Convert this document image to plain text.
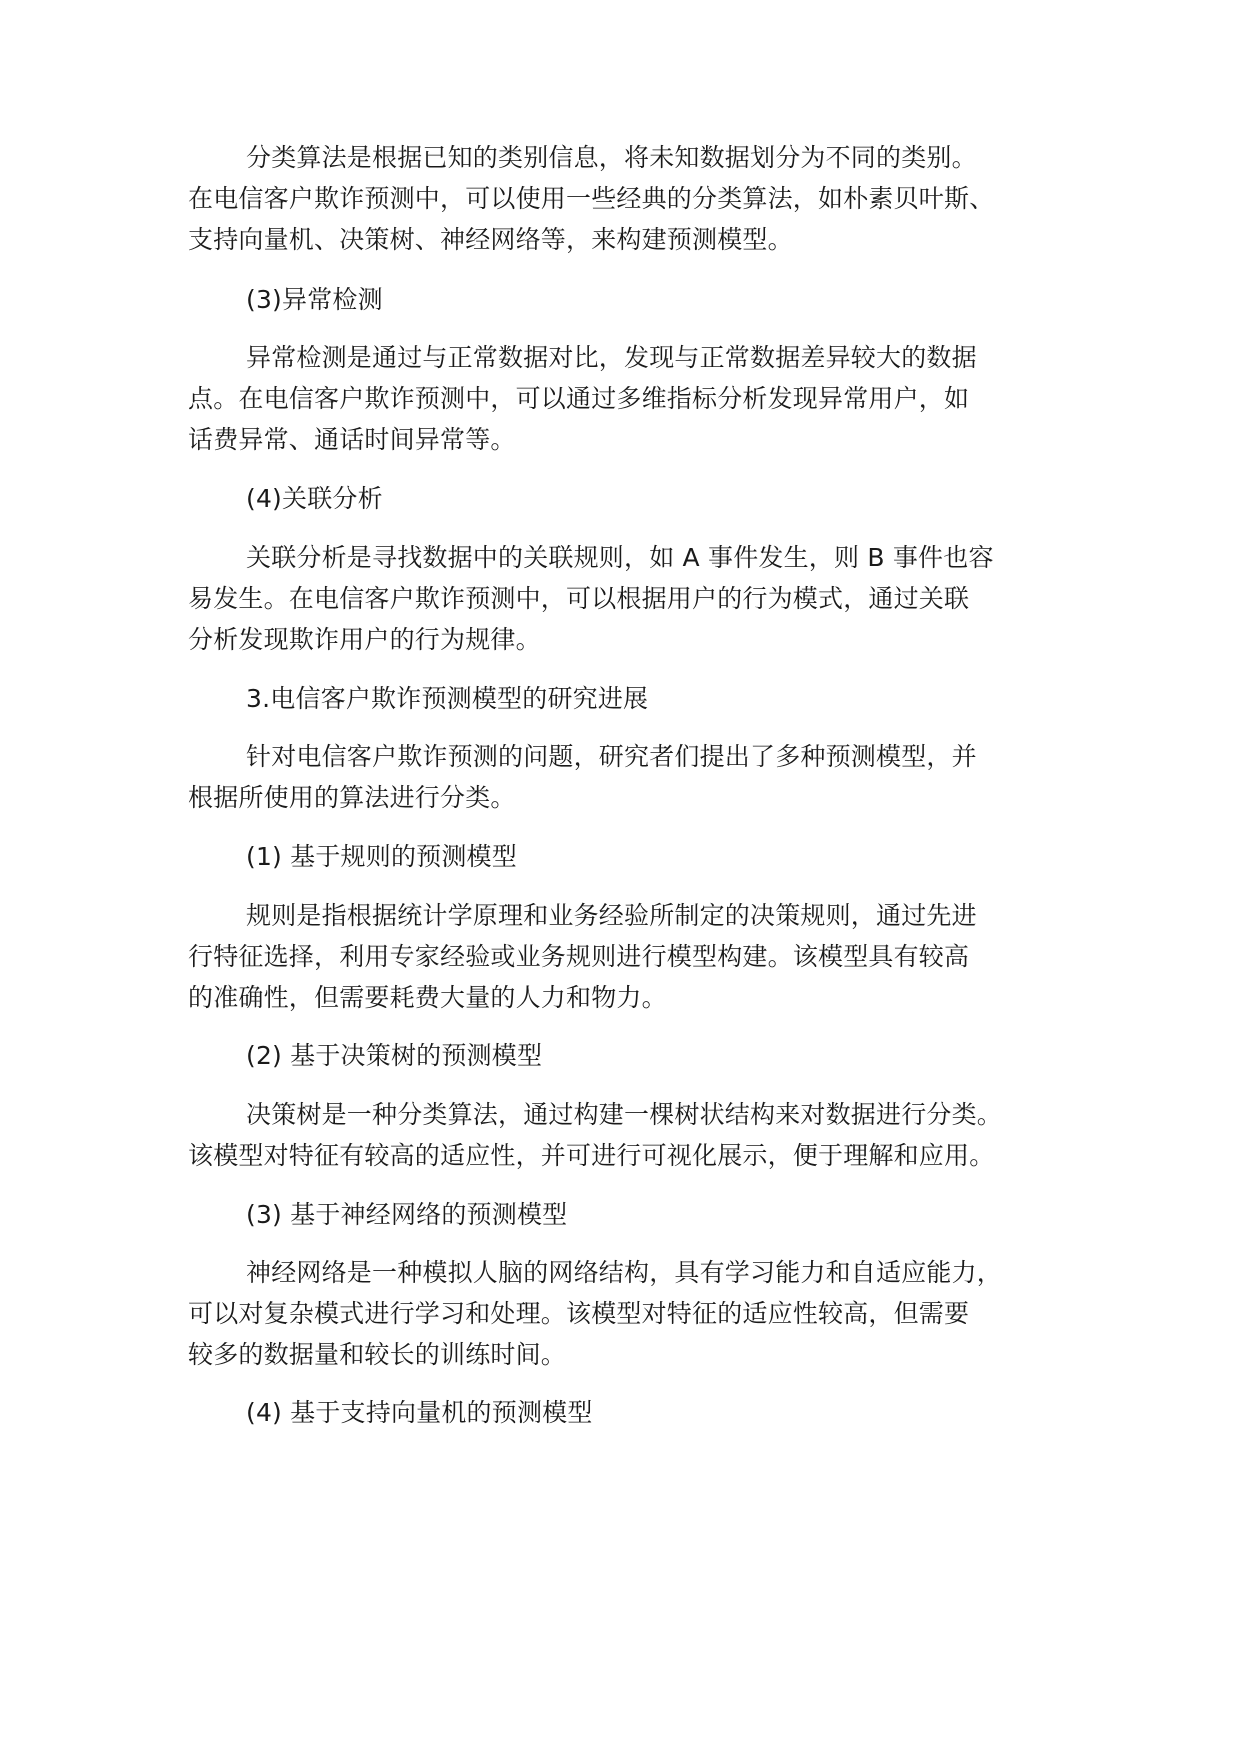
分类算法是根据已知的类别信息，将未知数据划分为不同的类别。
在电信客户欺诈预测中，可以使用一些经典的分类算法，如朴素贝叶斯、
支持向量机、决策树、神经网络等，来构建预测模型。
(3)异常检测
异常检测是通过与正常数据对比，发现与正常数据差异较大的数据
点。在电信客户欺诈预测中，可以通过多维指标分析发现异常用户，如
话费异常、通话时间异常等。
(4)关联分析
关联分析是寻找数据中的关联规则，如 A 事件发生，则 B 事件也容
易发生。在电信客户欺诈预测中，可以根据用户的行为模式，通过关联
分析发现欺诈用户的行为规律。
3.电信客户欺诈预测模型的研究进展
针对电信客户欺诈预测的问题，研究者们提出了多种预测模型，并
根据所使用的算法进行分类。
(1) 基于规则的预测模型
规则是指根据统计学原理和业务经验所制定的决策规则，通过先进
行特征选择，利用专家经验或业务规则进行模型构建。该模型具有较高
的准确性，但需要耗费大量的人力和物力。
(2) 基于决策树的预测模型
决策树是一种分类算法，通过构建一棵树状结构来对数据进行分类。
该模型对特征有较高的适应性，并可进行可视化展示，便于理解和应用。
(3) 基于神经网络的预测模型
神经网络是一种模拟人脑的网络结构，具有学习能力和自适应能力，
可以对复杂模式进行学习和处理。该模型对特征的适应性较高，但需要
较多的数据量和较长的训练时间。
(4) 基于支持向量机的预测模型
